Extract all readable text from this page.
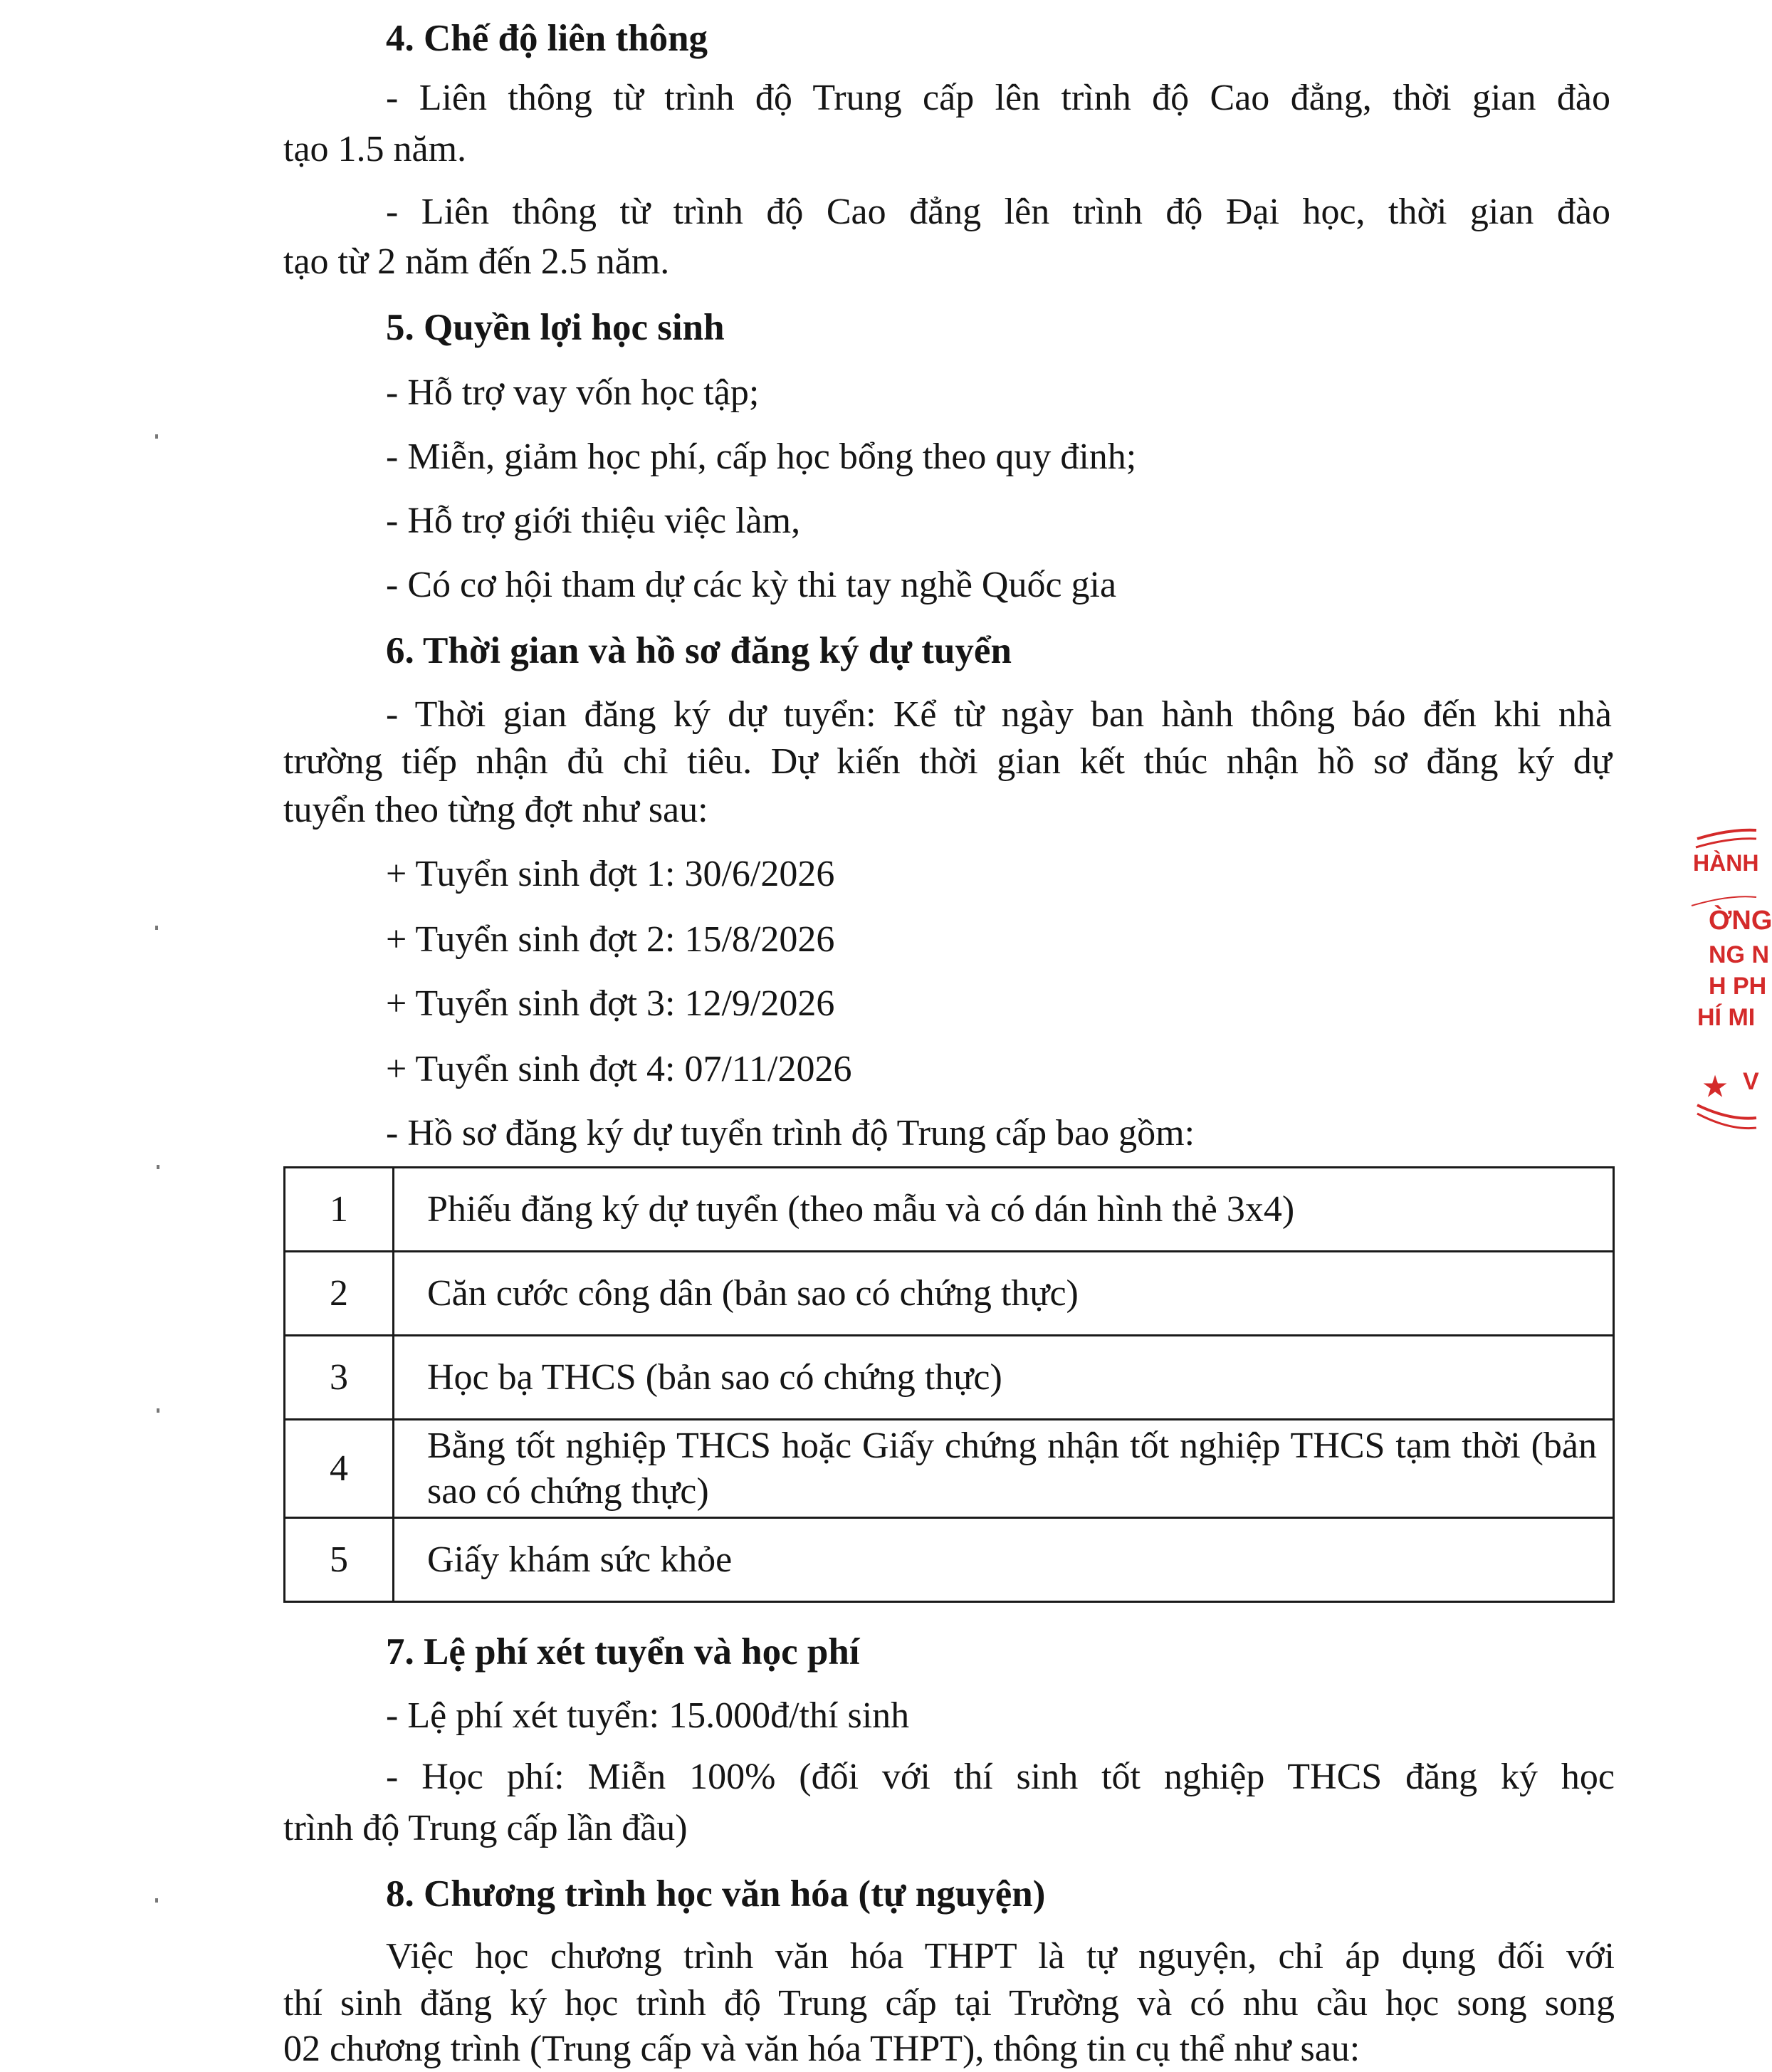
4. Chế độ liên thông
- Liên thông từ trình độ Trung cấp lên trình độ Cao đẳng, thời gian đào
tạo 1.5 năm.
- Liên thông từ trình độ Cao đẳng lên trình độ Đại học, thời gian đào
tạo từ 2 năm đến 2.5 năm.
5. Quyền lợi học sinh
- Hỗ trợ vay vốn học tập;
- Miễn, giảm học phí, cấp học bổng theo quy đinh;
- Hỗ trợ giới thiệu việc làm,
- Có cơ hội tham dự các kỳ thi tay nghề Quốc gia
6. Thời gian và hồ sơ đăng ký dự tuyển
- Thời gian đăng ký dự tuyển: Kể từ ngày ban hành thông báo đến khi nhà
trường tiếp nhận đủ chỉ tiêu. Dự kiến thời gian kết thúc nhận hồ sơ đăng ký dự
tuyển theo từng đợt như sau:
+ Tuyển sinh đợt 1: 30/6/2026
+ Tuyển sinh đợt 2: 15/8/2026
+ Tuyển sinh đợt 3: 12/9/2026
+ Tuyển sinh đợt 4: 07/11/2026
- Hồ sơ đăng ký dự tuyển trình độ Trung cấp bao gồm:
1	Phiếu đăng ký dự tuyển (theo mẫu và có dán hình thẻ 3x4)
2	Căn cước công dân (bản sao có chứng thực)
3	Học bạ THCS (bản sao có chứng thực)
4	Bằng tốt nghiệp THCS hoặc Giấy chứng nhận tốt nghiệp THCS tạm thời (bản sao có chứng thực)
5	Giấy khám sức khỏe
7. Lệ phí xét tuyển và học phí
- Lệ phí xét tuyển: 15.000đ/thí sinh
- Học phí: Miễn 100% (đối với thí sinh tốt nghiệp THCS đăng ký học
trình độ Trung cấp lần đầu)
8. Chương trình học văn hóa (tự nguyện)
Việc học chương trình văn hóa THPT là tự nguyện, chỉ áp dụng đối với
thí sinh đăng ký học trình độ Trung cấp tại Trường và có nhu cầu học song song
02 chương trình (Trung cấp và văn hóa THPT), thông tin cụ thể như sau:
HÀNH
ỜNG
NG N
H PH
HÍ MI
★ V
